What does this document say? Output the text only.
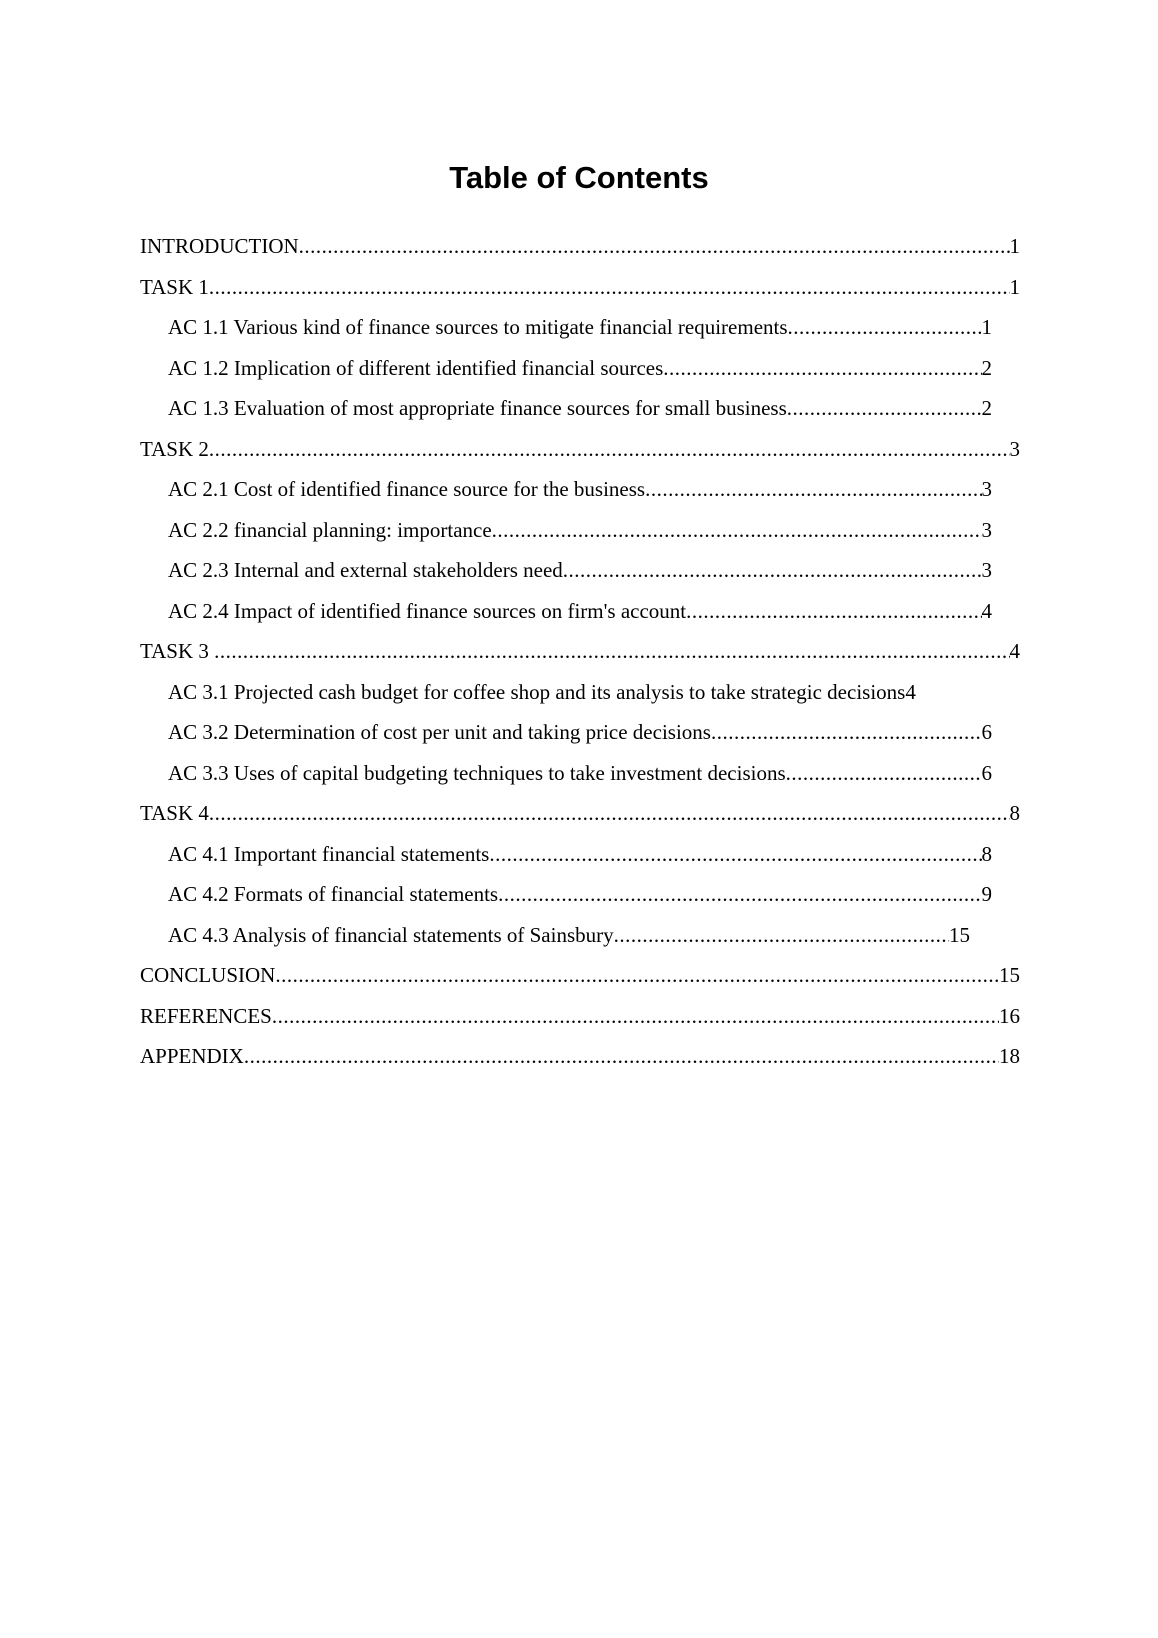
Table of Contents
INTRODUCTION .....	1
TASK 1 .....	1
AC 1.1 Various kind of finance sources to mitigate financial requirements .....	1
AC 1.2 Implication of different identified financial sources .....	2
AC 1.3 Evaluation of most appropriate finance sources for small business .....	2
TASK 2 .....	3
AC 2.1 Cost of identified finance source for the business .....	3
AC 2.2 financial planning: importance .....	3
AC 2.3 Internal and external stakeholders need .....	3
AC 2.4 Impact of identified finance sources on firm's account .....	4
TASK 3 .....	4
AC 3.1 Projected cash budget for coffee shop and its analysis to take strategic decisions 4
AC 3.2 Determination of cost per unit and taking price decisions .....	6
AC 3.3 Uses of capital budgeting techniques to take investment decisions .....	6
TASK 4 .....	8
AC 4.1 Important financial statements .....	8
AC 4.2 Formats of financial statements .....	9
AC 4.3 Analysis of financial statements of Sainsbury .....	15
CONCLUSION .....	15
REFERENCES .....	16
APPENDIX .....	18
